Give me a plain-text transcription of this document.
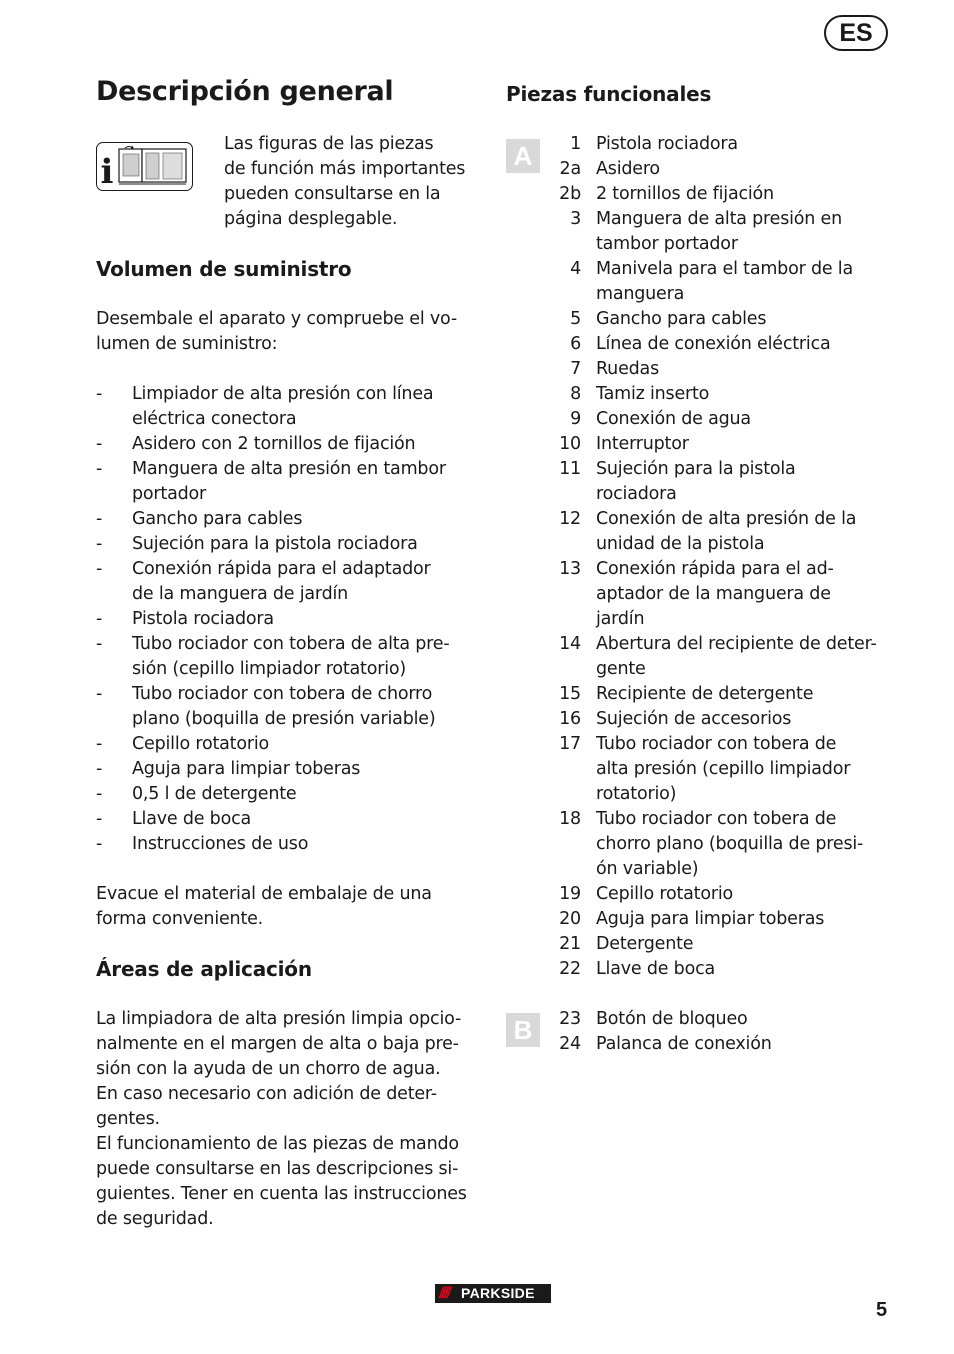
ES
Descripción general
i
Las figuras de las piezas
de función más importantes
pueden consultarse en la
página desplegable.
Volumen de suministro
Desembale el aparato y compruebe el vo-
lumen de suministro:
- Limpiador de alta presión con línea
eléctrica conectora
- Asidero con 2 tornillos de fijación
- Manguera de alta presión en tambor
portador
- Gancho para cables
- Sujeción para la pistola rociadora
- Conexión rápida para el adaptador
de la manguera de jardín
- Pistola rociadora
- Tubo rociador con tobera de alta pre-
sión (cepillo limpiador rotatorio)
- Tubo rociador con tobera de chorro
plano (boquilla de presión variable)
- Cepillo rotatorio
- Aguja para limpiar toberas
- 0,5 l de detergente
- Llave de boca
- Instrucciones de uso
Evacue el material de embalaje de una
forma conveniente.
Áreas de aplicación
La limpiadora de alta presión limpia opcio-
nalmente en el margen de alta o baja pre-
sión con la ayuda de un chorro de agua.
En caso necesario con adición de deter-
gentes.
El funcionamiento de las piezas de mando
puede consultarse en las descripciones si-
guientes. Tener en cuenta las instrucciones
de seguridad.
Piezas funcionales
A	1 Pistola rociadora
2a Asidero
2b 2 tornillos de fijación
3 Manguera de alta presión en
tambor portador
4 Manivela para el tambor de la
manguera
5 Gancho para cables
6 Línea de conexión eléctrica
7 Ruedas
8 Tamiz inserto
9 Conexión de agua
10 Interruptor
11 Sujeción para la pistola
rociadora
12 Conexión de alta presión de la
unidad de la pistola
13 Conexión rápida para el ad-
aptador de la manguera de
jardín
14 Abertura del recipiente de deter-
gente
15 Recipiente de detergente
16 Sujeción de accesorios
17 Tubo rociador con tobera de
alta presión (cepillo limpiador
rotatorio)
18 Tubo rociador con tobera de
chorro plano (boquilla de presi-
ón variable)
19 Cepillo rotatorio
20 Aguja para limpiar toberas
21 Detergente
22 Llave de boca
B	23 Botón de bloqueo
24 Palanca de conexión
//// PARKSIDE

5
